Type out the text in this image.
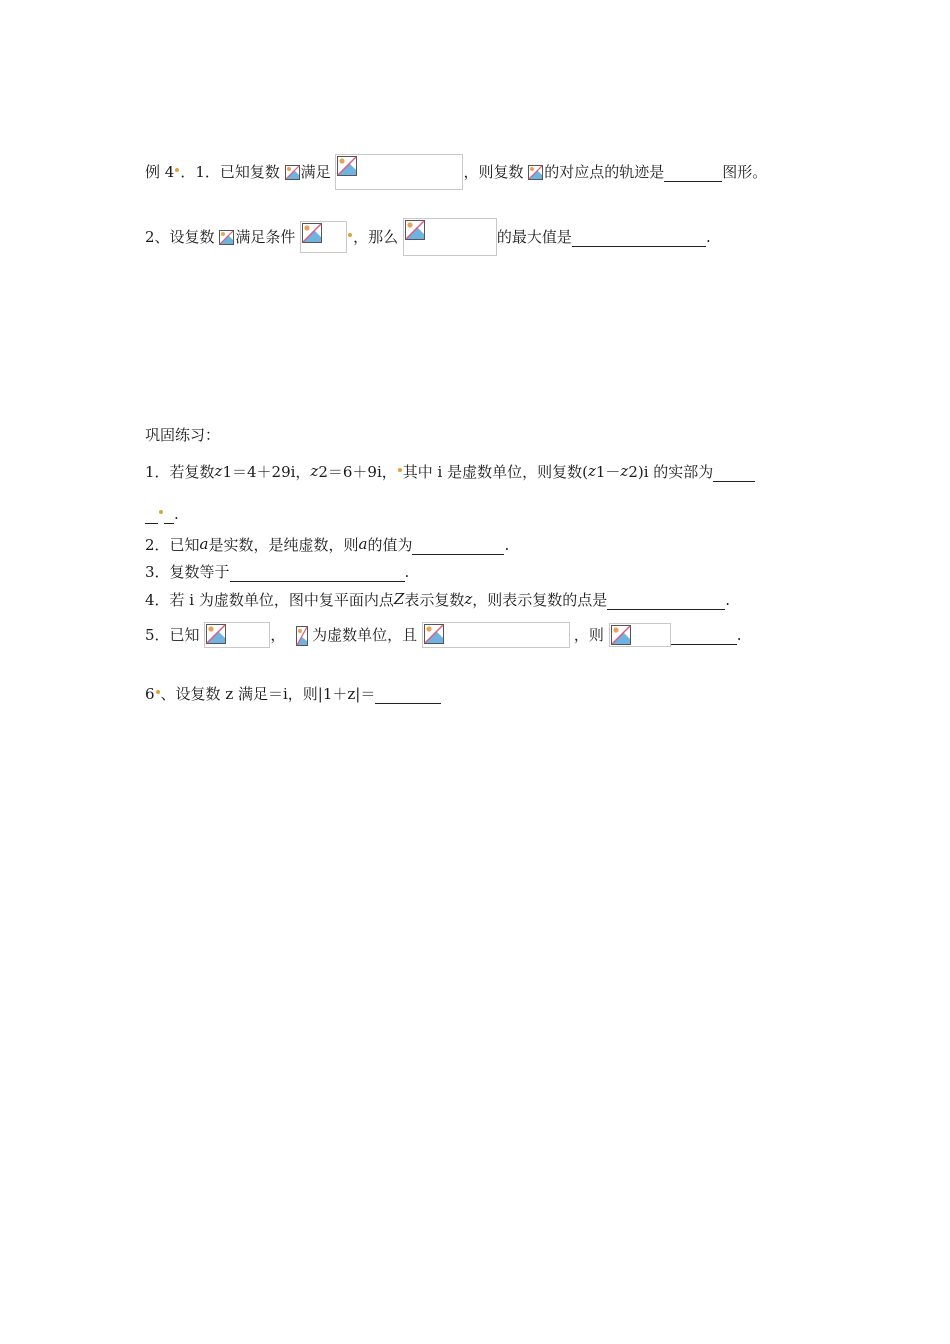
例 4 ．1．已知复数 满足	，则复数 的对应点的轨迹是	图形。
2、设复数 满足条件	，那么	的最大值是	.
巩固练习：
1．若复数z1＝4＋29i，z2＝6＋9i， 其中 i 是虚数单位，则复数(z1－z2)i 的实部为
.
2．已知a是实数，是纯虚数，则a的值为	.
3．复数等于	.
4．若 i 为虚数单位，图中复平面内点Z表示复数z，则表示复数的点是	.
5．已知	， 为虚数单位，且	，则	.
6 、设复数 z 满足＝i，则|1＋z|＝
